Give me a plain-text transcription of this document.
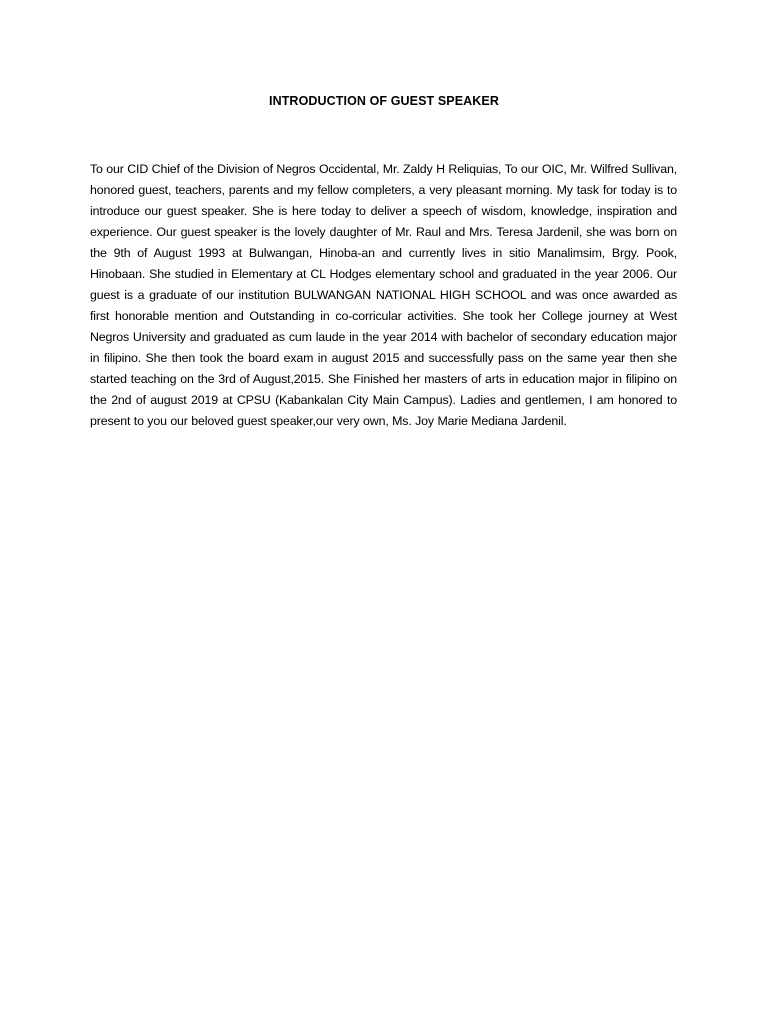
INTRODUCTION OF GUEST SPEAKER

To our CID Chief of the Division of Negros Occidental, Mr. Zaldy H Reliquias, To our OIC, Mr. Wilfred Sullivan, honored guest, teachers, parents and my fellow completers, a very pleasant morning. My task for today is to introduce our guest speaker. She is here today to deliver a speech of wisdom, knowledge, inspiration and experience. Our guest speaker is the lovely daughter of Mr. Raul and Mrs. Teresa Jardenil, she was born on the 9th of August 1993 at Bulwangan, Hinoba-an and currently lives in sitio Manalimsim, Brgy. Pook, Hinobaan. She studied in Elementary at CL Hodges elementary school and graduated in the year 2006. Our guest is a graduate of our institution BULWANGAN NATIONAL HIGH SCHOOL and was once awarded as first honorable mention and Outstanding in co-corricular activities. She took her College journey at West Negros University and graduated as cum laude in the year 2014 with bachelor of secondary education major in filipino. She then took the board exam in august 2015 and successfully pass on the same year then she started teaching on the 3rd of August,2015. She Finished her masters of arts in education major in filipino on the 2nd of august 2019 at CPSU (Kabankalan City Main Campus). Ladies and gentlemen, I am honored to present to you our beloved guest speaker,our very own, Ms. Joy Marie Mediana Jardenil.
